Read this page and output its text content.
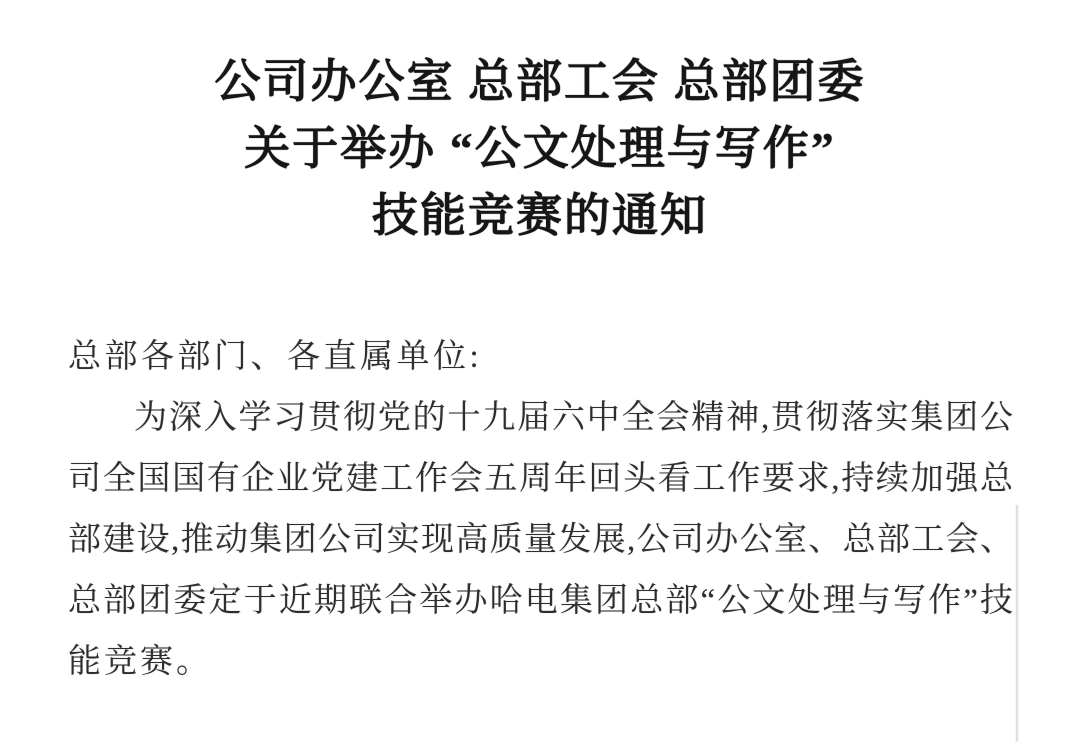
公司办公室 总部工会 总部团委
关于举办 “公文处理与写作”
技能竞赛的通知
总部各部门、各直属单位:
为深入学习贯彻党的十九届六中全会精神,贯彻落实集团公
司全国国有企业党建工作会五周年回头看工作要求,持续加强总
部建设,推动集团公司实现高质量发展,公司办公室、总部工会、
总部团委定于近期联合举办哈电集团总部“公文处理与写作”技
能竞赛。
